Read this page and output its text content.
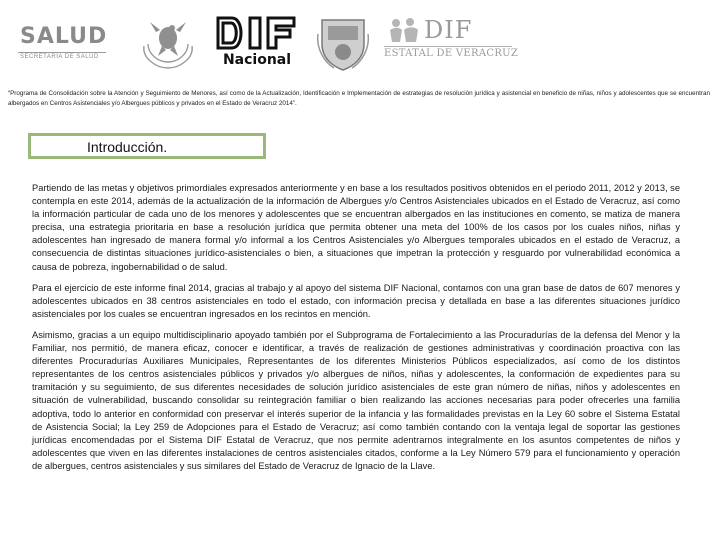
SALUD
SECRETARÍA DE SALUD	Nacional
DIF
ESTATAL DE VERACRUZ
“Programa de Consolidación sobre la Atención y Seguimiento de Menores, así como de la Actualización, Identificación e Implementación de estrategias de resolución jurídica y asistencial en beneficio de niñas, niños y adolescentes que se encuentran albergados en Centros Asistenciales y/o Albergues públicos y privados en el Estado de Veracruz 2014”.
Introducción.

Partiendo de las metas y objetivos primordiales expresados anteriormente y en base a los resultados positivos obtenidos en el periodo 2011, 2012 y 2013, se contempla en este 2014, además de la actualización de la información de Albergues y/o Centros Asistenciales ubicados en el Estado de Veracruz, así como la información particular de cada uno de los menores y adolescentes que se encuentran albergados en las instituciones en comento, se matiza de manera precisa, una estrategia prioritaria en base a resolución jurídica que permita obtener una meta del 100% de los casos por los cuales niños, niñas y adolescentes han ingresado de manera formal y/o informal a los Centros Asistenciales y/o Albergues temporales ubicados en el estado de Veracruz, a consecuencia de distintas situaciones jurídico-asistenciales o bien, a situaciones que impetran la protección y resguardo por vulnerabilidad económica a causa de pobreza, ingobernabilidad o de salud.

Para el ejercicio de este informe final 2014, gracias al trabajo y al apoyo del sistema DIF Nacional, contamos con una gran base de datos de 607 menores y adolescentes ubicados en 38 centros asistenciales en todo el estado, con información precisa y detallada en base a las diferentes situaciones jurídico asistenciales por los cuales se encuentran ingresados en los recintos en mención.

Asimismo, gracias a un equipo multidisciplinario apoyado también por el Subprograma de Fortalecimiento a las Procuradurías de la defensa del Menor y la Familiar, nos permitió, de manera eficaz, conocer e identificar, a través de realización de gestiones administrativas y coordinación proactiva con las diferentes Procuradurías Auxiliares Municipales, Representantes de los diferentes Ministerios Públicos especializados, así como de los distintos representantes de los centros asistenciales públicos y privados y/o albergues de niños, niñas y adolescentes, la conformación de expedientes para su tramitación y su seguimiento, de sus diferentes necesidades de solución jurídico asistenciales de este gran número de niñas, niños y adolescentes en situación de vulnerabilidad, buscando consolidar su reintegración familiar o bien realizando las acciones necesarias para poder ofrecerles una familia adoptiva, todo lo anterior en conformidad con preservar el interés superior de la infancia y las formalidades previstas en la Ley 60 sobre el Sistema Estatal de Asistencia Social; la Ley 259 de Adopciones para el Estado de Veracruz; así como también contando con la ventaja legal de soportar las gestiones jurídicas encomendadas por el Sistema DIF Estatal de Veracruz, que nos permite adentrarnos integralmente en los asuntos competentes de niños y adolescentes que viven en las diferentes instalaciones de centros asistenciales citados, conforme a la Ley Número 579 para el funcionamiento y operación de albergues, centros asistenciales y sus similares del Estado de Veracruz de Ignacio de la Llave.
